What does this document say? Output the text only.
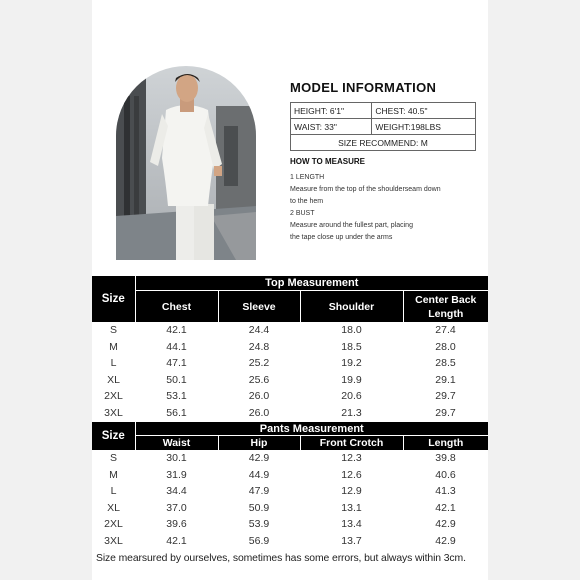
MODEL INFORMATION
HEIGHT: 6'1"	CHEST: 40.5"
WAIST: 33"	WEIGHT:198LBS
SIZE RECOMMEND: M	
HOW TO MEASURE
1 LENGTH
Measure from the top of the shoulderseam down
to the hem
2 BUST
Measure around the fullest part, placing
the tape close up under the arms
Size	Top Measurement			
	Chest	Sleeve	Shoulder	Center Back Length
S	42.1	24.4	18.0	27.4
M	44.1	24.8	18.5	28.0
L	47.1	25.2	19.2	28.5
XL	50.1	25.6	19.9	29.1
2XL	53.1	26.0	20.6	29.7
3XL	56.1	26.0	21.3	29.7
Size	Pants Measurement			
	Waist	Hip	Front Crotch	Length
S	30.1	42.9	12.3	39.8
M	31.9	44.9	12.6	40.6
L	34.4	47.9	12.9	41.3
XL	37.0	50.9	13.1	42.1
2XL	39.6	53.9	13.4	42.9
3XL	42.1	56.9	13.7	42.9
Size mearsured by ourselves, sometimes has some errors, but always within 3cm.
